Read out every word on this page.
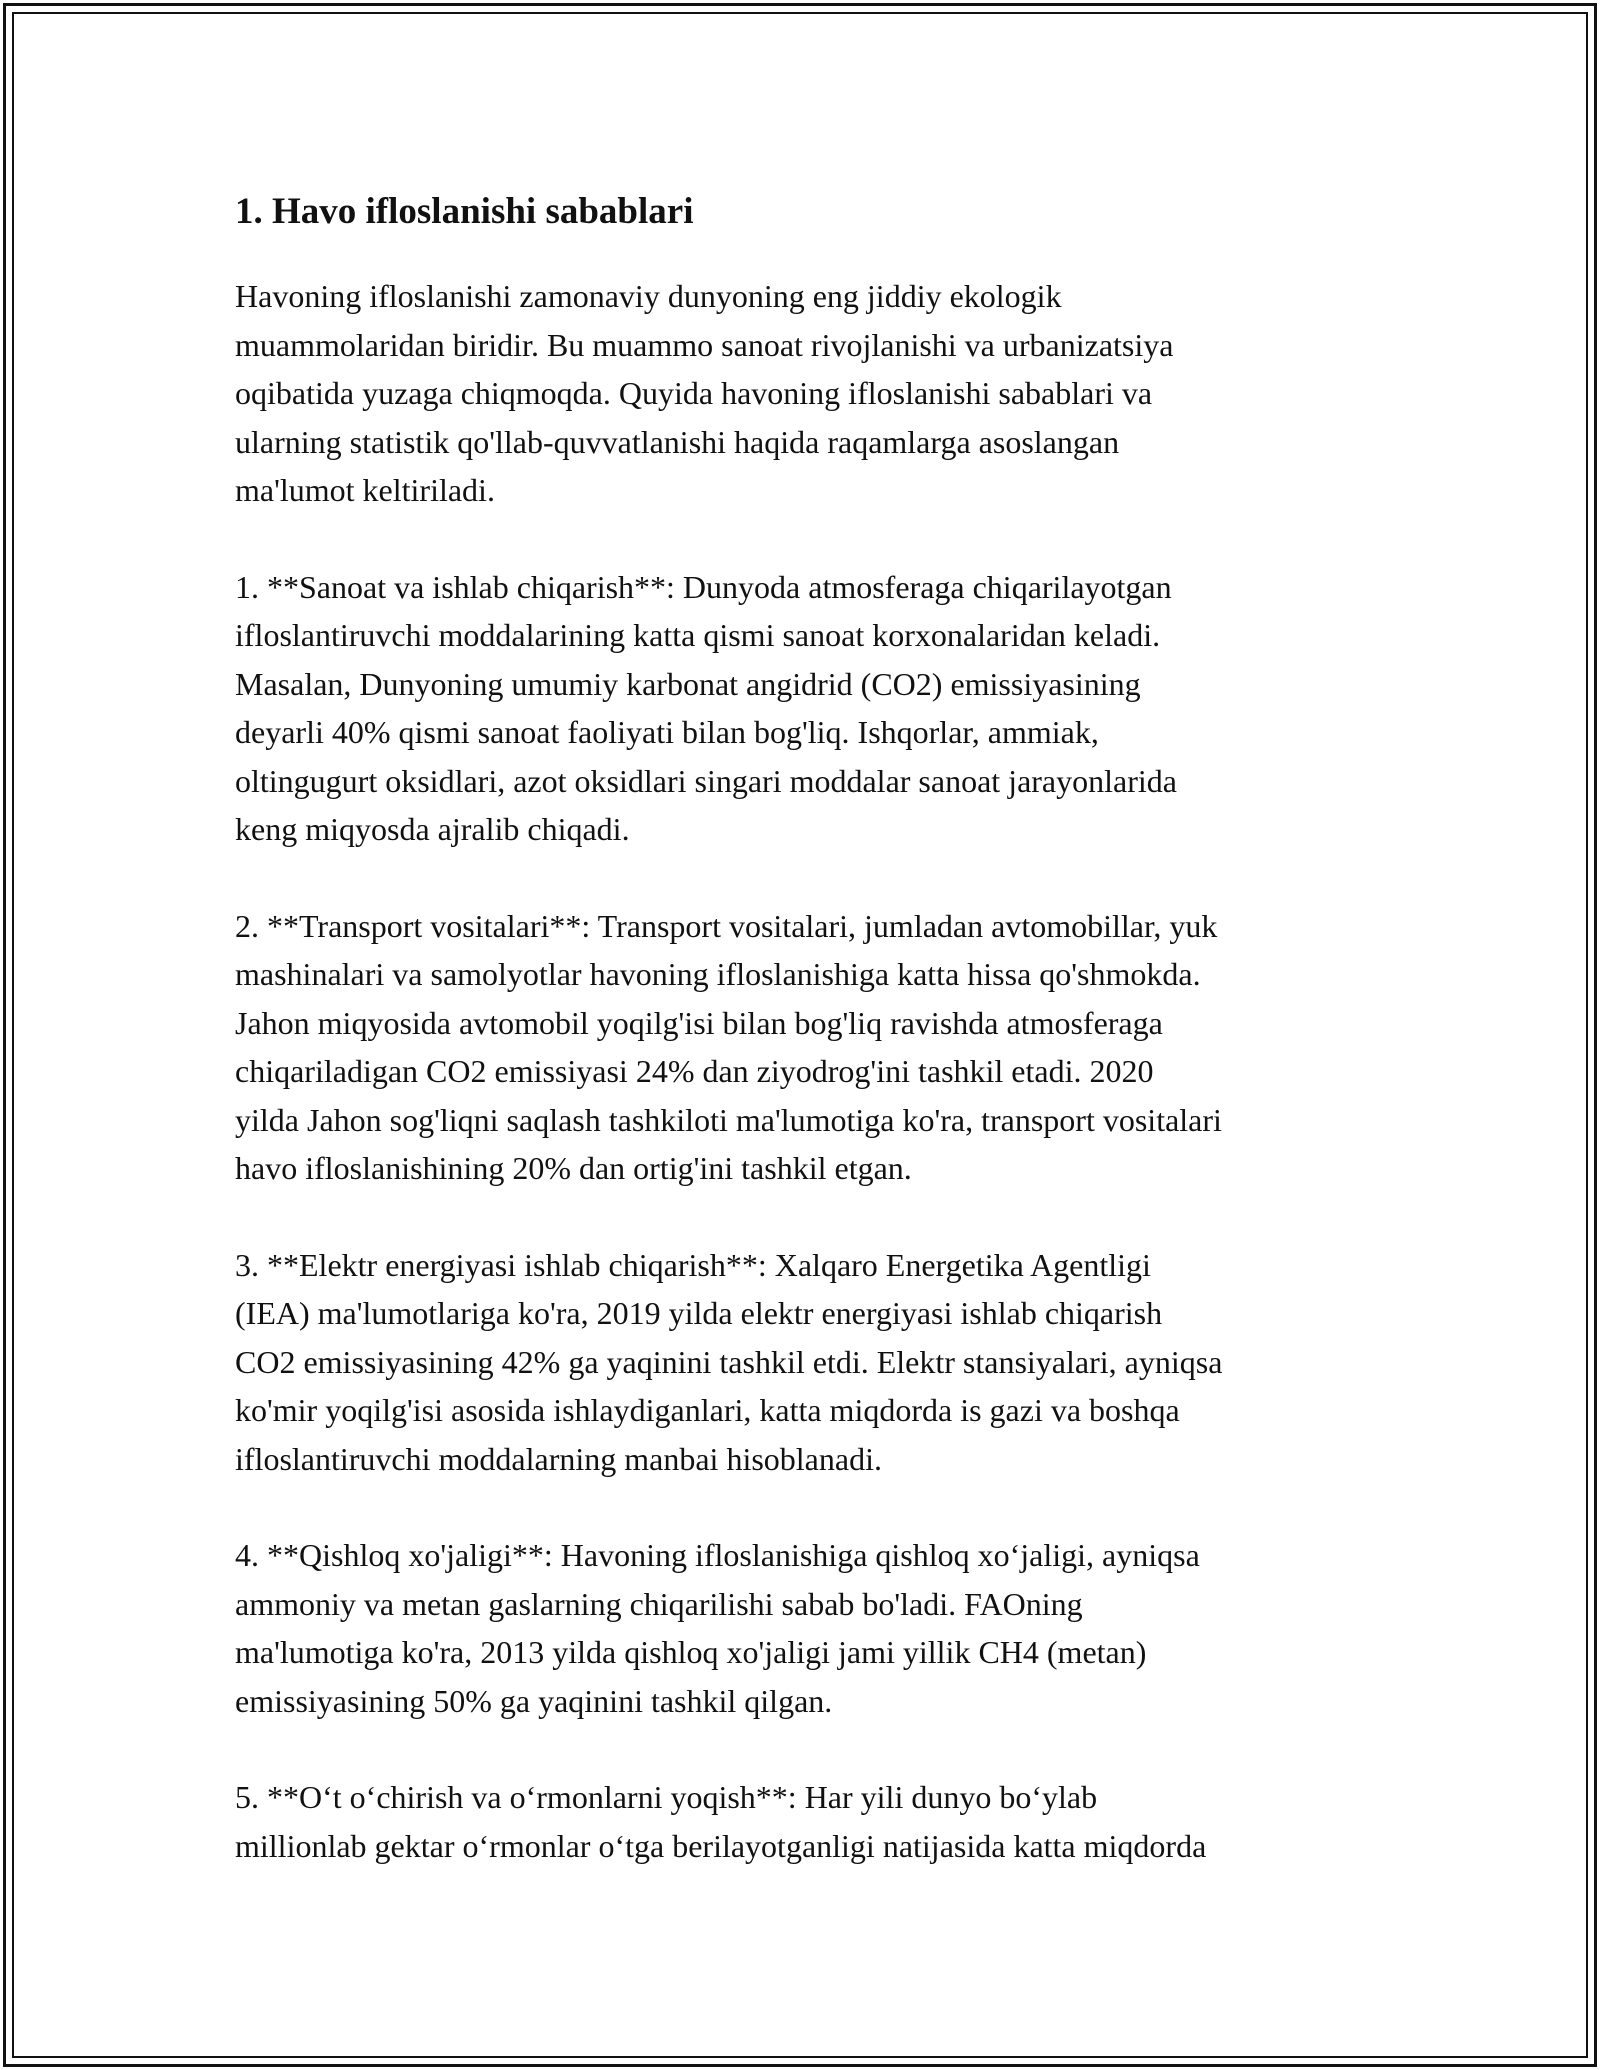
1. Havo ifloslanishi sabablari

Havoning ifloslanishi zamonaviy dunyoning eng jiddiy ekologik
muammolaridan biridir. Bu muammo sanoat rivojlanishi va urbanizatsiya
oqibatida yuzaga chiqmoqda. Quyida havoning ifloslanishi sabablari va
ularning statistik qo'llab-quvvatlanishi haqida raqamlarga asoslangan
ma'lumot keltiriladi.

1. **Sanoat va ishlab chiqarish**: Dunyoda atmosferaga chiqarilayotgan
ifloslantiruvchi moddalarining katta qismi sanoat korxonalaridan keladi.
Masalan, Dunyoning umumiy karbonat angidrid (CO2) emissiyasining
deyarli 40% qismi sanoat faoliyati bilan bog'liq. Ishqorlar, ammiak,
oltingugurt oksidlari, azot oksidlari singari moddalar sanoat jarayonlarida
keng miqyosda ajralib chiqadi.

2. **Transport vositalari**: Transport vositalari, jumladan avtomobillar, yuk
mashinalari va samolyotlar havoning ifloslanishiga katta hissa qo'shmokda.
Jahon miqyosida avtomobil yoqilg'isi bilan bog'liq ravishda atmosferaga
chiqariladigan CO2 emissiyasi 24% dan ziyodrog'ini tashkil etadi. 2020
yilda Jahon sog'liqni saqlash tashkiloti ma'lumotiga ko'ra, transport vositalari
havo ifloslanishining 20% dan ortig'ini tashkil etgan.

3. **Elektr energiyasi ishlab chiqarish**: Xalqaro Energetika Agentligi
(IEA) ma'lumotlariga ko'ra, 2019 yilda elektr energiyasi ishlab chiqarish
CO2 emissiyasining 42% ga yaqinini tashkil etdi. Elektr stansiyalari, ayniqsa
ko'mir yoqilg'isi asosida ishlaydiganlari, katta miqdorda is gazi va boshqa
ifloslantiruvchi moddalarning manbai hisoblanadi.

4. **Qishloq xo'jaligi**: Havoning ifloslanishiga qishloq xo‘jaligi, ayniqsa
ammoniy va metan gaslarning chiqarilishi sabab bo'ladi. FAOning
ma'lumotiga ko'ra, 2013 yilda qishloq xo'jaligi jami yillik CH4 (metan)
emissiyasining 50% ga yaqinini tashkil qilgan.

5. **O‘t o‘chirish va o‘rmonlarni yoqish**: Har yili dunyo bo‘ylab
millionlab gektar o‘rmonlar o‘tga berilayotganligi natijasida katta miqdorda
